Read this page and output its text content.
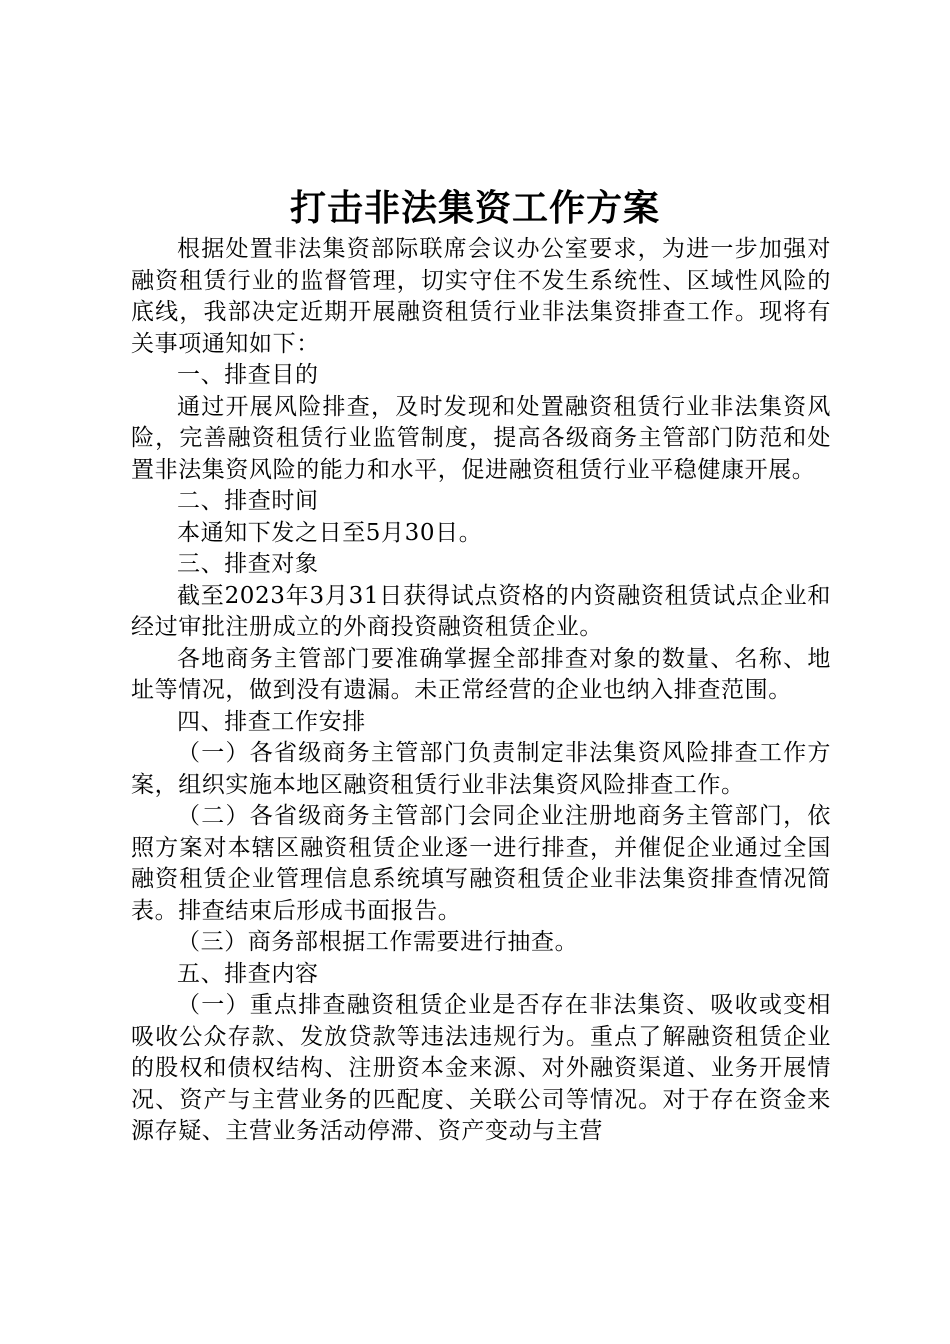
打击非法集资工作方案

根据处置非法集资部际联席会议办公室要求，为进一步加强对融资租赁行业的监督管理，切实守住不发生系统性、区域性风险的底线，我部决定近期开展融资租赁行业非法集资排查工作。现将有关事项通知如下：

一、排查目的

通过开展风险排查，及时发现和处置融资租赁行业非法集资风险，完善融资租赁行业监管制度，提高各级商务主管部门防范和处置非法集资风险的能力和水平，促进融资租赁行业平稳健康开展。

二、排查时间

本通知下发之日至5月30日。

三、排查对象

截至2023年3月31日获得试点资格的内资融资租赁试点企业和经过审批注册成立的外商投资融资租赁企业。

各地商务主管部门要准确掌握全部排查对象的数量、名称、地址等情况，做到没有遗漏。未正常经营的企业也纳入排查范围。

四、排查工作安排

（一）各省级商务主管部门负责制定非法集资风险排查工作方案，组织实施本地区融资租赁行业非法集资风险排查工作。

（二）各省级商务主管部门会同企业注册地商务主管部门，依照方案对本辖区融资租赁企业逐一进行排查，并催促企业通过全国融资租赁企业管理信息系统填写融资租赁企业非法集资排查情况简表。排查结束后形成书面报告。

（三）商务部根据工作需要进行抽查。

五、排查内容

（一）重点排查融资租赁企业是否存在非法集资、吸收或变相吸收公众存款、发放贷款等违法违规行为。重点了解融资租赁企业的股权和债权结构、注册资本金来源、对外融资渠道、业务开展情况、资产与主营业务的匹配度、关联公司等情况。对于存在资金来源存疑、主营业务活动停滞、资产变动与主营
